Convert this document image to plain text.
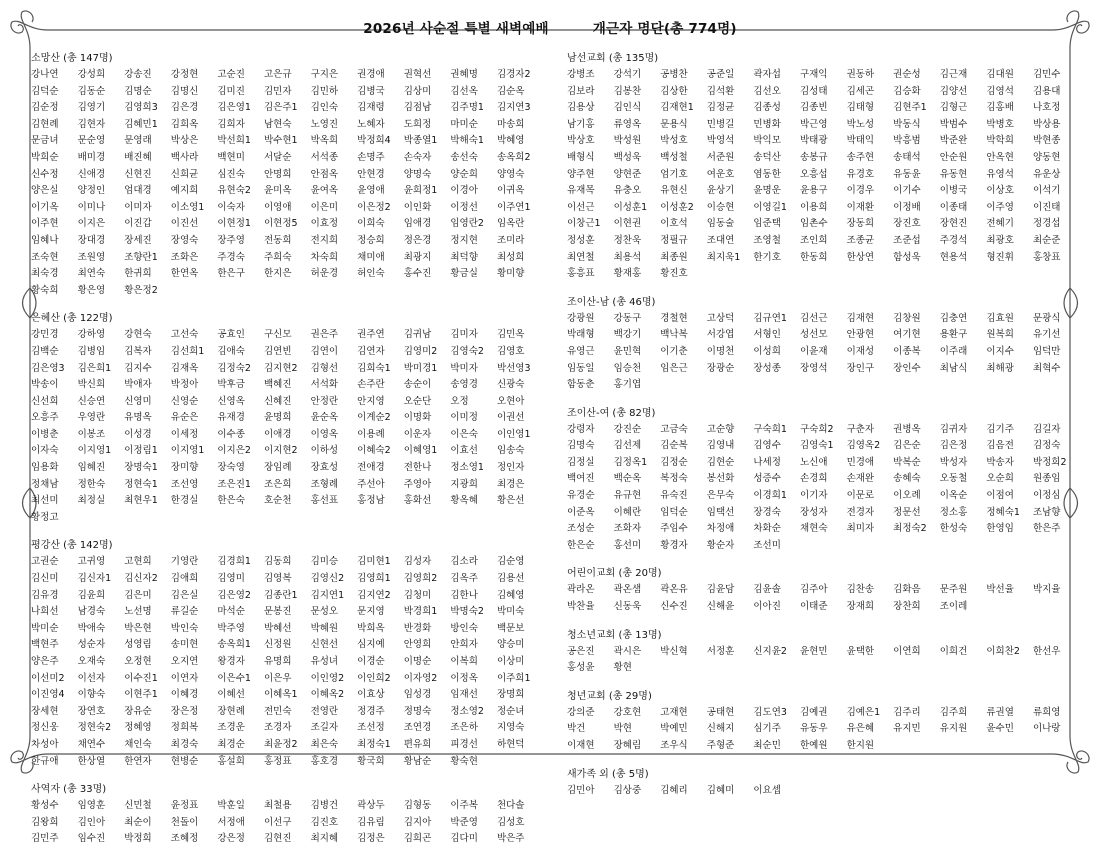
2026년 사순절 특별 새벽예배	개근자 명단(총 774명)
소망산 (총 147명)
강나연	강성희	강송진	강정현	고순진	고은규	구지은	권경애	권혁선	권혜명	김경자2
김덕순	김동순	김명순	김명신	김미진	김민자	김민하	김병국	김상미	김선옥	김순옥
김순정	김영기	김영희3	김은경	김은영1	김은주1	김인숙	김재령	김점남	김주명1	김지연3
김현례	김현자	김혜민1	김희옥	김희자	남현숙	노영진	노혜자	도희정	마미순	마송희
문금녀	문순영	문영래	박상은	박선희1	박수현1	박옥희	박정희4	박종열1	박해숙1	박혜영
박희순	배미경	배진혜	백사라	백현미	서달순	서석종	손명주	손숙자	송선숙	송옥희2
신수정	신애경	신현진	신희균	심진숙	안명희	안점옥	안현경	양명숙	양순희	양영숙
양은실	양정인	엄대경	예지희	유현숙2	윤미옥	윤여옥	윤영애	윤희정1	이경아	이귀옥
이기옥	이미나	이미자	이소영1	이숙자	이영애	이은미	이은정2	이인화	이정선	이주연1
이주현	이지은	이진갑	이진선	이현정1	이현정5	이효정	이희숙	임애경	임영란2	임옥란
임혜나	장대경	장세진	장영숙	장주영	전동희	전지희	정승희	정은경	정지현	조미라
조숙현	조원영	조향란1	조화은	주경숙	주희숙	차숙희	채미애	최광지	최덕향	최성희
최숙경	최연숙	한귀희	한연옥	한은구	한지은	허운경	허인숙	홍수진	황금실	황미향
황숙희	황은영	황은정2
은혜산 (총 122명)
강민경	강하영	강현숙	고선숙	공효인	구신모	권은주	권주연	김귀남	김미자	김민옥
김백순	김병임	김복자	김선희1	김애숙	김연빈	김연이	김연자	김영미2	김영숙2	김영호
김은영3	김은희1	김지수	김재옥	김정숙2	김지현2	김형선	김희숙1	박미경1	박미자	박선영3
박송이	박신희	박애자	박정아	박후금	백혜진	서석화	손주란	송순이	송영경	신광숙
신선희	신승연	신영미	신영순	신영옥	신혜진	안정란	안지영	오순단	오정	오현아
오흥주	우영란	유명옥	유순은	유재경	윤명희	윤순옥	이계순2	이명화	이미정	이권선
이병춘	이봉조	이성경	이세정	이수종	이애경	이영옥	이용례	이운자	이은숙	이인영1
이자숙	이지영1	이정림1	이지영1	이지은2	이지현2	이하성	이혜숙2	이혜영1	이효선	임송숙
임용화	임혜진	장명숙1	장미향	장숙영	장임례	장효성	전애경	전한나	정소영1	정인자
정채남	정한숙	정현숙1	조선영	조은진1	조은희	조형례	주선아	주영아	지광희	최경은
최선미	최정실	최현우1	한경실	한은숙	호순천	홍선표	홍정남	홍화선	황옥혜	황은선
황정고
평강산 (총 142명)
고권순	고귀영	고현희	기영란	김경희1	김동희	김미승	김미현1	김성자	김소라	김순영
김신미	김신자1	김신자2	김애희	김영미	김영복	김영신2	김영희1	김영희2	김옥주	김용선
김유경	김윤희	김은미	김은실	김은영2	김종란1	김지연1	김지연2	김청미	김한나	김혜영
나희선	남경숙	노선명	류길순	마석순	문봉진	문성오	문지영	박경희1	박명숙2	박미숙
박미순	박애숙	박은현	박인숙	박주영	박혜선	박혜원	박희옥	반경화	방인숙	백문보
백현주	성순자	성영림	송미현	송옥희1	신정원	신현선	심지예	안영희	안희자	양승미
양은주	오재숙	오정현	오지연	왕경자	유명희	유성녀	이경순	이명순	이복희	이상미
이선미2	이선자	이수진1	이연자	이은수1	이은우	이인영2	이인희2	이자영2	이정옥	이주희1
이진영4	이향숙	이현주1	이혜경	이혜선	이혜옥1	이혜옥2	이효상	임성경	임재선	장명희
장세현	장연호	장유순	장은정	장현례	전민숙	전영란	정경주	정명숙	정소영2	정순녀
정신웅	정현숙2	정혜영	정희복	조경운	조경자	조길자	조선정	조연경	조은하	지영숙
차성아	채연수	채인숙	최경숙	최경순	최윤정2	최은숙	최정숙1	편유희	피경선	하현덕
한규애	한상열	한연자	현병순	홍설희	홍정표	홍호경	황국희	황남순	황숙현
사역자 (총 33명)
황성수	임영훈	신민철	윤정표	박훈일	최철용	김병건	곽상두	김형동	이주복	천다솔
김왕희	김인아	최순이	천돌이	서정애	이선구	김진호	김유림	김지아	박준영	김성호
김민주	임수진	박정희	조혜정	강은정	김현진	최지혜	김정은	김희곤	김다미	박은주
남선교회 (총 135명)
강병조	강석기	공병찬	공준일	곽자섭	구재익	권동하	권순성	김근재	김대원	김민수
김보라	김봉찬	김상한	김석환	김선오	김성태	김세곤	김승화	김양선	김영석	김용대
김용상	김인식	김재현1	김정균	김종성	김종빈	김태형	김현주1	김형근	김홍배	나호정
남기홍	류영옥	문용식	민병길	민병화	박근영	박노성	박동식	박범수	박병호	박상용
박상호	박성원	박성호	박영석	박익모	박태광	박태익	박흥범	박준완	박학희	박현종
배형식	백성욱	백성철	서준원	송덕산	송봉규	송주현	송태석	안순원	안옥현	양동현
양주현	양현준	엄기호	여운호	염동한	오흥섭	유경호	유동윤	유동현	유영석	유운상
유재목	유충오	유현신	윤상기	윤명운	윤용구	이경우	이기수	이병국	이상호	이석기
이선근	이성훈1	이성훈2	이승현	이영길1	이용희	이재환	이정배	이종태	이주영	이진태
이창근1	이현권	이호석	임동술	임준택	임촌수	장동희	장진호	장현진	전혜기	정경섭
정성훈	정찬욱	정필규	조대연	조영철	조인희	조종균	조준섭	주경석	최광호	최순준
최연철	최용석	최종원	최지욱1	한기호	한동희	한상연	함성욱	현용석	형진휘	홍창표
홍흥표	황재홍	황진호
조이산-남 (총 46명)
강광원	강동구	경철현	고상덕	김규연1	김선근	김재현	김창원	김충연	김효원	문광식
박래형	백강기	백낙복	서강엽	서형인	성선모	안광현	여기현	용환구	원복희	유기선
유영근	윤민혁	이기춘	이명천	이성희	이윤재	이재성	이종복	이주래	이지수	임덕만
임동일	임승천	임은근	장광순	장성종	장영석	장인구	장인수	최남식	최해광	최혁수
함동춘	홍기엽
조이산-여 (총 82명)
강령자	강진순	고금숙	고순향	구숙희1	구숙희2	구춘자	권병옥	김귀자	김기주	김길자
김명숙	김선제	김순복	김영내	김영수	김영숙1	김영옥2	김은순	김은정	김음전	김정숙
김정실	김정옥1	김정순	김현순	나세정	노신애	민경애	박복순	박성자	박송자	박정희2
백여진	백순옥	복정숙	봉선화	성증수	손경희	손재완	송혜숙	오동철	오순희	원종임
유경순	유규현	유숙진	은무숙	이경희1	이기자	이문로	이오례	이옥순	이점여	이정심
이준옥	이혜란	임덕순	임택선	장경숙	장성자	전경자	정문선	정소홍	정혜숙1	조남향
조성순	조화자	주임수	차정애	차화순	채현숙	최미자	최정숙2	한성숙	한영임	한은주
한은순	홍선미	황경자	황순자	조선미
어린이교회 (총 20명)
곽라온	곽온샘	곽온유	김윤담	김윤솔	김주아	김찬송	김화음	문주원	박선율	박지율
박찬율	신동욱	신수진	신해윤	이아진	이태준	장재희	장찬희	조이레
청소년교회 (총 13명)
공은진	곽시은	박신혁	서정훈	신지윤2	윤현민	윤택한	이연희	이희건	이희찬2	한선우
홍성윤	황현
청년교회 (총 29명)
강의준	강호현	고재현	공태현	김도연3	김예권	김예은1	김주리	김주희	류권열	류희영
박건	박현	박예민	신해지	심기주	유동우	유은혜	유지민	유지원	윤수민	이나랑
이재현	장혜림	조우식	주형준	최순민	한예원	한지원
새가족 외 (총 5명)
김민아	김상중	김혜리	김혜미	이요셉
